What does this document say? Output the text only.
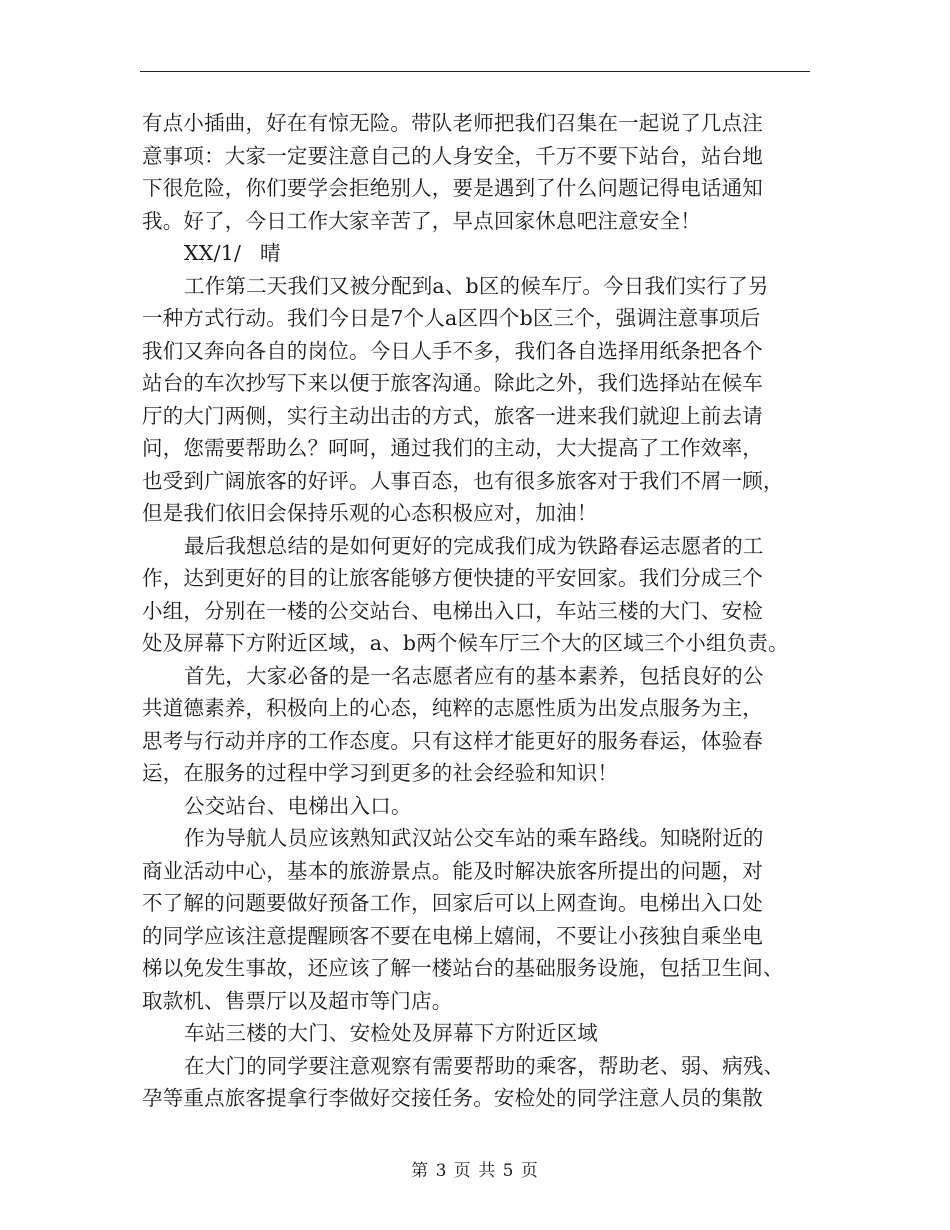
有点小插曲，好在有惊无险。带队老师把我们召集在一起说了几点注
意事项：大家一定要注意自己的人身安全，千万不要下站台，站台地
下很危险，你们要学会拒绝别人，要是遇到了什么问题记得电话通知
我。好了，今日工作大家辛苦了，早点回家休息吧注意安全！
XX/1/ 晴
工作第二天我们又被分配到a、b区的候车厅。今日我们实行了另
一种方式行动。我们今日是7个人a区四个b区三个，强调注意事项后
我们又奔向各自的岗位。今日人手不多，我们各自选择用纸条把各个
站台的车次抄写下来以便于旅客沟通。除此之外，我们选择站在候车
厅的大门两侧，实行主动出击的方式，旅客一进来我们就迎上前去请
问，您需要帮助么？呵呵，通过我们的主动，大大提高了工作效率，
也受到广阔旅客的好评。人事百态，也有很多旅客对于我们不屑一顾，
但是我们依旧会保持乐观的心态积极应对，加油！
最后我想总结的是如何更好的完成我们成为铁路春运志愿者的工
作，达到更好的目的让旅客能够方便快捷的平安回家。我们分成三个
小组，分别在一楼的公交站台、电梯出入口，车站三楼的大门、安检
处及屏幕下方附近区域，a、b两个候车厅三个大的区域三个小组负责。
首先，大家必备的是一名志愿者应有的基本素养，包括良好的公
共道德素养，积极向上的心态，纯粹的志愿性质为出发点服务为主，
思考与行动并序的工作态度。只有这样才能更好的服务春运，体验春
运，在服务的过程中学习到更多的社会经验和知识！
公交站台、电梯出入口。
作为导航人员应该熟知武汉站公交车站的乘车路线。知晓附近的
商业活动中心，基本的旅游景点。能及时解决旅客所提出的问题，对
不了解的问题要做好预备工作，回家后可以上网查询。电梯出入口处
的同学应该注意提醒顾客不要在电梯上嬉闹，不要让小孩独自乘坐电
梯以免发生事故，还应该了解一楼站台的基础服务设施，包括卫生间、
取款机、售票厅以及超市等门店。
车站三楼的大门、安检处及屏幕下方附近区域
在大门的同学要注意观察有需要帮助的乘客，帮助老、弱、病残、
孕等重点旅客提拿行李做好交接任务。安检处的同学注意人员的集散
第 3 页 共 5 页
